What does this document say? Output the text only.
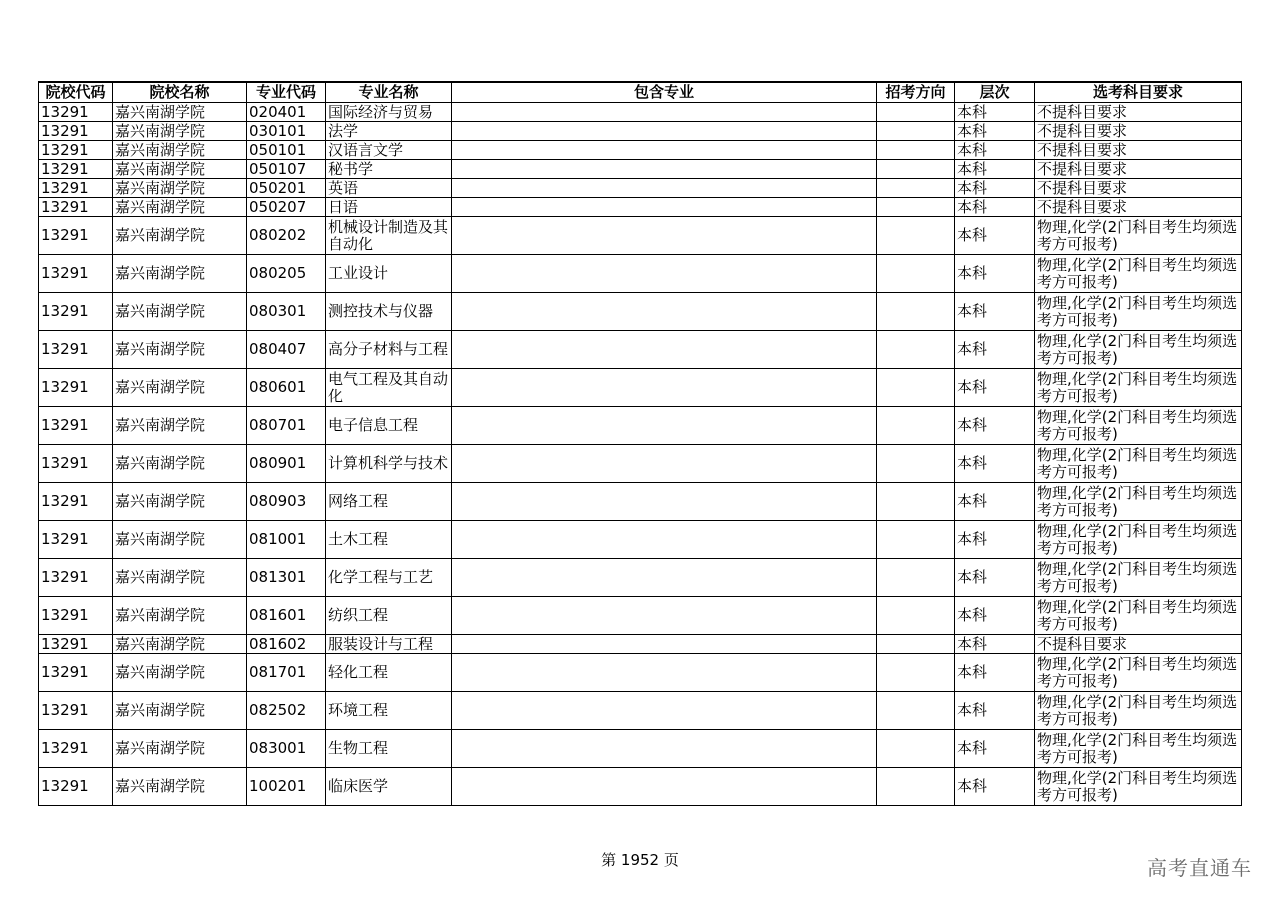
院校代码	院校名称	专业代码	专业名称	包含专业	招考方向	层次	选考科目要求
13291	嘉兴南湖学院	020401	国际经济与贸易			本科	不提科目要求
13291	嘉兴南湖学院	030101	法学			本科	不提科目要求
13291	嘉兴南湖学院	050101	汉语言文学			本科	不提科目要求
13291	嘉兴南湖学院	050107	秘书学			本科	不提科目要求
13291	嘉兴南湖学院	050201	英语			本科	不提科目要求
13291	嘉兴南湖学院	050207	日语			本科	不提科目要求
13291	嘉兴南湖学院	080202	机械设计制造及其自动化			本科	物理,化学(2门科目考生均须选考方可报考)
13291	嘉兴南湖学院	080205	工业设计			本科	物理,化学(2门科目考生均须选考方可报考)
13291	嘉兴南湖学院	080301	测控技术与仪器			本科	物理,化学(2门科目考生均须选考方可报考)
13291	嘉兴南湖学院	080407	高分子材料与工程			本科	物理,化学(2门科目考生均须选考方可报考)
13291	嘉兴南湖学院	080601	电气工程及其自动化			本科	物理,化学(2门科目考生均须选考方可报考)
13291	嘉兴南湖学院	080701	电子信息工程			本科	物理,化学(2门科目考生均须选考方可报考)
13291	嘉兴南湖学院	080901	计算机科学与技术			本科	物理,化学(2门科目考生均须选考方可报考)
13291	嘉兴南湖学院	080903	网络工程			本科	物理,化学(2门科目考生均须选考方可报考)
13291	嘉兴南湖学院	081001	土木工程			本科	物理,化学(2门科目考生均须选考方可报考)
13291	嘉兴南湖学院	081301	化学工程与工艺			本科	物理,化学(2门科目考生均须选考方可报考)
13291	嘉兴南湖学院	081601	纺织工程			本科	物理,化学(2门科目考生均须选考方可报考)
13291	嘉兴南湖学院	081602	服装设计与工程			本科	不提科目要求
13291	嘉兴南湖学院	081701	轻化工程			本科	物理,化学(2门科目考生均须选考方可报考)
13291	嘉兴南湖学院	082502	环境工程			本科	物理,化学(2门科目考生均须选考方可报考)
13291	嘉兴南湖学院	083001	生物工程			本科	物理,化学(2门科目考生均须选考方可报考)
13291	嘉兴南湖学院	100201	临床医学			本科	物理,化学(2门科目考生均须选考方可报考)
第 1952 页	高考直通车
